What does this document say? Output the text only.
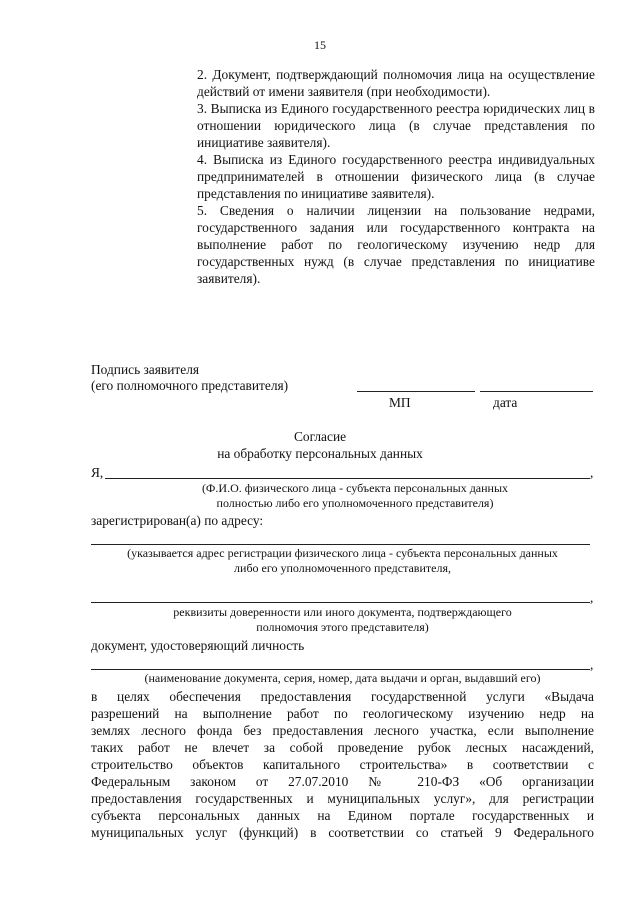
15

2. Документ, подтверждающий полномочия лица на осуществление действий от имени заявителя (при необходимости).

3. Выписка из Единого государственного реестра юридических лиц в отношении юридического лица (в случае представления по инициативе заявителя).

4. Выписка из Единого государственного реестра индивидуальных предпринимателей в отношении физического лица (в случае представления по инициативе заявителя).

5. Сведения о наличии лицензии на пользование недрами, государственного задания или государственного контракта на выполнение работ по геологическому изучению недр для государственных нужд (в случае представления по инициативе заявителя).

Подпись заявителя
(его полномочного представителя)
МП	дата
Согласие
на обработку персональных данных
Я,	,
(Ф.И.О. физического лица - субъекта персональных данных
полностью либо его уполномоченного представителя)
зарегистрирован(а) по адресу:
(указывается адрес регистрации физического лица - субъекта персональных данных
либо его уполномоченного представителя,
,
реквизиты доверенности или иного документа, подтверждающего
полномочия этого представителя)
документ, удостоверяющий личность
,
(наименование документа, серия, номер, дата выдачи и орган, выдавший его)

в целях обеспечения предоставления государственной услуги «Выдача

разрешений на выполнение работ по геологическому изучению недр на

землях лесного фонда без предоставления лесного участка, если выполнение

таких работ не влечет за собой проведение рубок лесных насаждений,

строительство объектов капитального строительства» в соответствии с

Федеральным законом от 27.07.2010 № 210-ФЗ «Об организации

предоставления государственных и муниципальных услуг», для регистрации

субъекта персональных данных на Едином портале государственных и

муниципальных услуг (функций) в соответствии со статьей 9 Федерального
